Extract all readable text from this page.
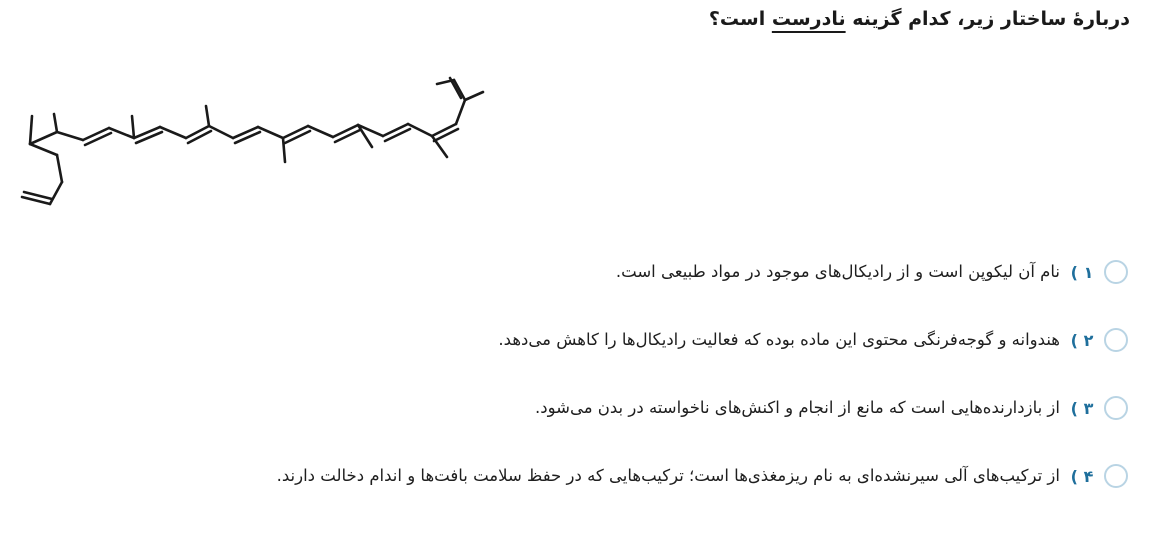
دربارهٔ ساختار زیر، کدام گزینه نادرست است؟
۱ )
نام آن لیکوپن است و از رادیکال‌های موجود در مواد طبیعی است.
۲ )
هندوانه و گوجه‌فرنگی محتوی این ماده بوده که فعالیت رادیکال‌ها را کاهش می‌دهد.
۳ )
از بازدارنده‌هایی است که مانع از انجام و اکنش‌های ناخواسته در بدن می‌شود.
۴ )
از ترکیب‌های آلی سیرنشده‌ای به نام ریزمغذی‌ها است؛ ترکیب‌هایی که در حفظ سلامت بافت‌ها و اندام دخالت دارند.
